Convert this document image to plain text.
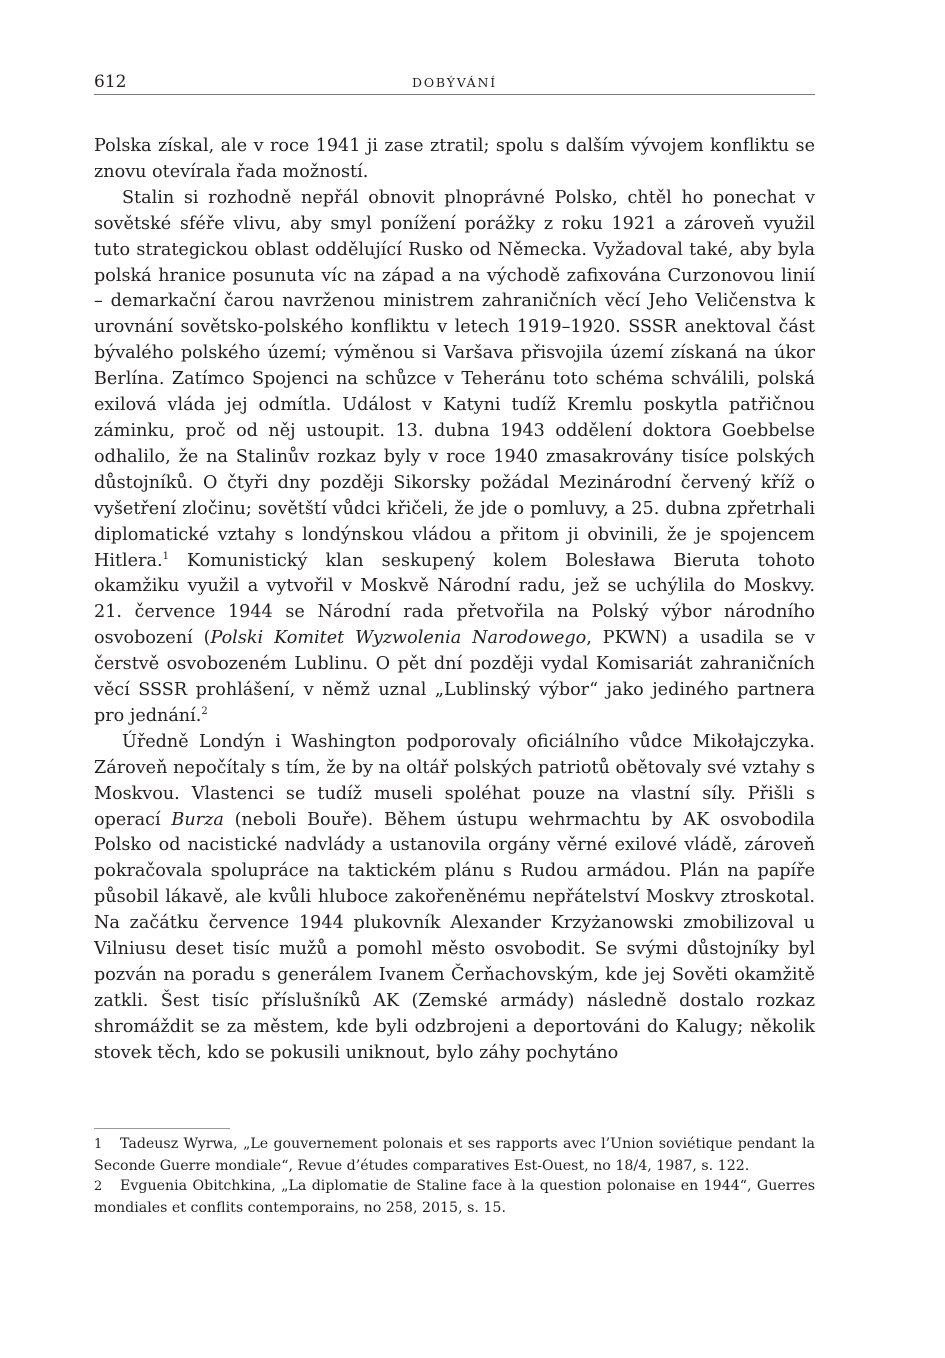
612	DOBÝVÁNÍ

Polska získal, ale v roce 1941 ji zase ztratil; spolu s dalším vývojem konfliktu se znovu otevírala řada možností.

Stalin si rozhodně nepřál obnovit plnoprávné Polsko, chtěl ho ponechat v sovětské sféře vlivu, aby smyl ponížení porážky z roku 1921 a zároveň využil tuto strategickou oblast oddělující Rusko od Německa. Vyžadoval také, aby byla polská hranice posunuta víc na západ a na východě zafixována Curzonovou linií – demarkační čarou navrženou ministrem zahraničních věcí Jeho Veličenstva k urovnání sovětsko-polského konfliktu v letech 1919–1920. SSSR anektoval část bývalého polského území; výměnou si Varšava přisvojila území získaná na úkor Berlína. Zatímco Spojenci na schůzce v Teheránu toto schéma schválili, polská exilová vláda jej odmítla. Událost v Katyni tudíž Kremlu poskytla patřičnou záminku, proč od něj ustoupit. 13. dubna 1943 oddělení doktora Goebbelse odhalilo, že na Stalinův rozkaz byly v roce 1940 zmasakrovány tisíce polských důstojníků. O čtyři dny později Sikorsky požádal Mezinárodní červený kříž o vyšetření zločinu; sovětští vůdci křičeli, že jde o pomluvy, a 25. dubna zpřetrhali diplomatické vztahy s londýnskou vládou a přitom ji obvinili, že je spojencem Hitlera.$^1$ Komunistický klan seskupený kolem Bolesława Bieruta tohoto okamžiku využil a vytvořil v Moskvě Národní radu, jež se uchýlila do Moskvy. 21. července 1944 se Národní rada přetvořila na Polský výbor národního osvobození (Polski Komitet Wyzwolenia Narodowego, PKWN) a usadila se v čerstvě osvobozeném Lublinu. O pět dní později vydal Komisariát zahraničních věcí SSSR prohlášení, v němž uznal „Lublinský výbor“ jako jediného partnera pro jednání.$^2$

Úředně Londýn i Washington podporovaly oficiálního vůdce Mikołajczyka. Zároveň nepočítaly s tím, že by na oltář polských patriotů obětovaly své vztahy s Moskvou. Vlastenci se tudíž museli spoléhat pouze na vlastní síly. Přišli s operací Burza (neboli Bouře). Během ústupu wehrmachtu by AK osvobodila Polsko od nacistické nadvlády a ustanovila orgány věrné exilové vládě, zároveň pokračovala spolupráce na taktickém plánu s Rudou armádou. Plán na papíře působil lákavě, ale kvůli hluboce zakořeněnému nepřátelství Moskvy ztroskotal. Na začátku července 1944 plukovník Alexander Krzyżanowski zmobilizoval u Vilniusu deset tisíc mužů a pomohl město osvobodit. Se svými důstojníky byl pozván na poradu s generálem Ivanem Čerňachovským, kde jej Sověti okamžitě zatkli. Šest tisíc příslušníků AK (Zemské armády) následně dostalo rozkaz shromáždit se za městem, kde byli odzbrojeni a deportováni do Kalugy; několik stovek těch, kdo se pokusili uniknout, bylo záhy pochytáno

1 Tadeusz Wyrwa, „Le gouvernement polonais et ses rapports avec l’Union soviétique pendant la Seconde Guerre mondiale“, Revue d’études comparatives Est-Ouest, no 18/4, 1987, s. 122.

2 Evguenia Obitchkina, „La diplomatie de Staline face à la question polonaise en 1944“, Guerres mondiales et conflits contemporains, no 258, 2015, s. 15.
